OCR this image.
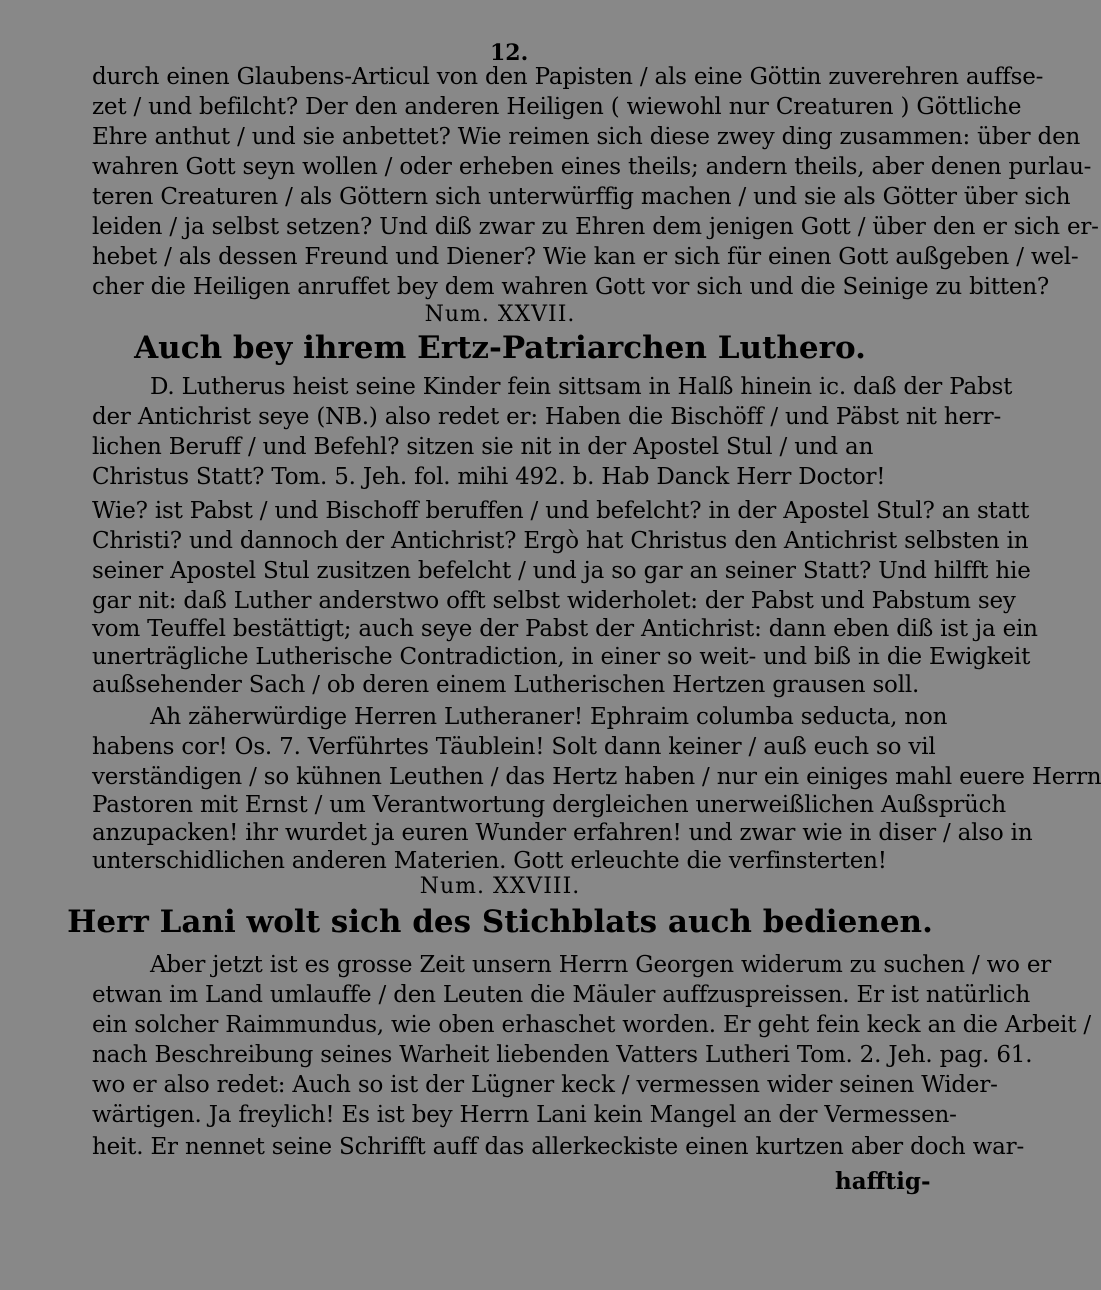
12.
durch einen Glaubens-Articul von den Papisten / als eine Göttin zuverehren auffse-
zet / und befilcht? Der den anderen Heiligen ( wiewohl nur Creaturen ) Göttliche
Ehre anthut / und sie anbettet? Wie reimen sich diese zwey ding zusammen: über den
wahren Gott seyn wollen / oder erheben eines theils; andern theils, aber denen purlau-
teren Creaturen / als Göttern sich unterwürffig machen / und sie als Götter über sich
leiden / ja selbst setzen? Und diß zwar zu Ehren dem jenigen Gott / über den er sich er-
hebet / als dessen Freund und Diener? Wie kan er sich für einen Gott außgeben / wel-
cher die Heiligen anruffet bey dem wahren Gott vor sich und die Seinige zu bitten?
Num. XXVII.
Auch bey ihrem Ertz-Patriarchen Luthero.
D. Lutherus heist seine Kinder fein sittsam in Halß hinein ic. daß der Pabst
der Antichrist seye (NB.) also redet er: Haben die Bischöff / und Päbst nit herr-
lichen Beruff / und Befehl? sitzen sie nit in der Apostel Stul / und an
Christus Statt? Tom. 5. Jeh. fol. mihi 492. b. Hab Danck Herr Doctor!
Wie? ist Pabst / und Bischoff beruffen / und befelcht? in der Apostel Stul? an statt
Christi? und dannoch der Antichrist? Ergò hat Christus den Antichrist selbsten in
seiner Apostel Stul zusitzen befelcht / und ja so gar an seiner Statt? Und hilfft hie
gar nit: daß Luther anderstwo offt selbst widerholet: der Pabst und Pabstum sey
vom Teuffel bestättigt; auch seye der Pabst der Antichrist: dann eben diß ist ja ein
unerträgliche Lutherische Contradiction, in einer so weit- und biß in die Ewigkeit
außsehender Sach / ob deren einem Lutherischen Hertzen grausen soll.
Ah zäherwürdige Herren Lutheraner! Ephraim columba seducta, non
habens cor! Os. 7. Verführtes Täublein! Solt dann keiner / auß euch so vil
verständigen / so kühnen Leuthen / das Hertz haben / nur ein einiges mahl euere Herrn
Pastoren mit Ernst / um Verantwortung dergleichen unerweißlichen Außsprüch
anzupacken! ihr wurdet ja euren Wunder erfahren! und zwar wie in diser / also in
unterschidlichen anderen Materien. Gott erleuchte die verfinsterten!
Num. XXVIII.
Herr Lani wolt sich des Stichblats auch bedienen.
Aber jetzt ist es grosse Zeit unsern Herrn Georgen widerum zu suchen / wo er
etwan im Land umlauffe / den Leuten die Mäuler auffzuspreissen. Er ist natürlich
ein solcher Raimmundus, wie oben erhaschet worden. Er geht fein keck an die Arbeit /
nach Beschreibung seines Warheit liebenden Vatters Lutheri Tom. 2. Jeh. pag. 61.
wo er also redet: Auch so ist der Lügner keck / vermessen wider seinen Wider-
wärtigen. Ja freylich! Es ist bey Herrn Lani kein Mangel an der Vermessen-
heit. Er nennet seine Schrifft auff das allerkeckiste einen kurtzen aber doch war-
hafftig-
